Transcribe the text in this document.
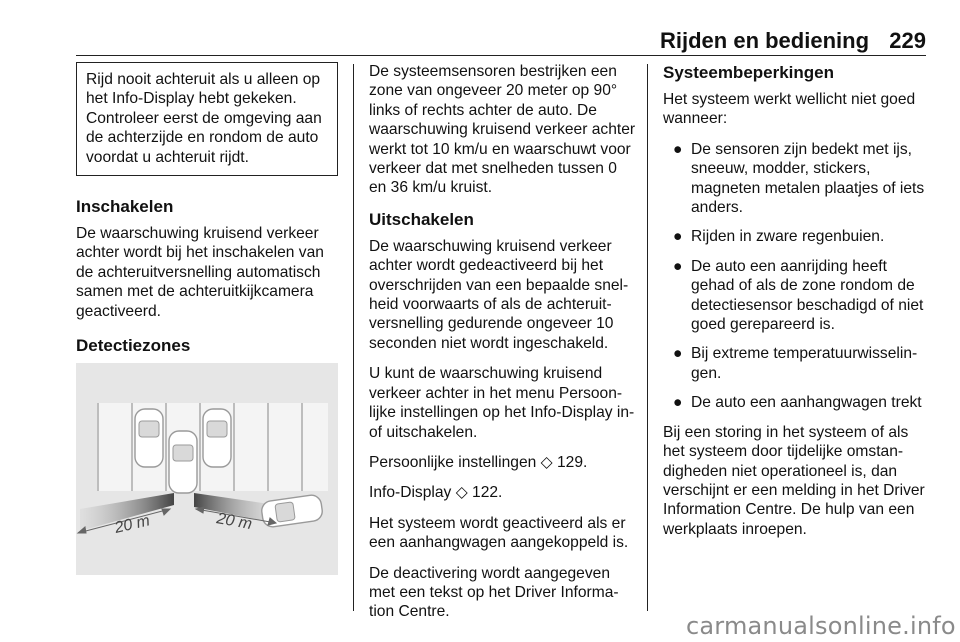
Rijden en bediening 229

Rijd nooit achteruit als u alleen op het Info-Display hebt gekeken. Controleer eerst de omgeving aan de achterzijde en rondom de auto voordat u achteruit rijdt.

Inschakelen

De waarschuwing kruisend verkeer achter wordt bij het inschakelen van de achteruitversnelling automatisch samen met de achteruitkijkcamera geactiveerd.

Detectiezones
20 m	20 m

De systeemsensoren bestrijken een zone van ongeveer 20 meter op 90° links of rechts achter de auto. De waarschuwing kruisend verkeer achter werkt tot 10 km/u en waarschuwt voor verkeer dat met snelheden tussen 0 en 36 km/u kruist.

Uitschakelen

De waarschuwing kruisend verkeer achter wordt gedeactiveerd bij het overschrijden van een bepaalde snelheid voorwaarts of als de achteruitversnelling gedurende ongeveer 10 seconden niet wordt ingeschakeld.

U kunt de waarschuwing kruisend verkeer achter in het menu Persoonlijke instellingen op het Info-Display in- of uitschakelen.

Persoonlijke instellingen ◇ 129.

Info-Display ◇ 122.

Het systeem wordt geactiveerd als er een aanhangwagen aangekoppeld is.

De deactivering wordt aangegeven met een tekst op het Driver Information Centre.

Systeembeperkingen

Het systeem werkt wellicht niet goed wanneer:

● De sensoren zijn bedekt met ijs, sneeuw, modder, stickers, magneten metalen plaatjes of iets anders.
● Rijden in zware regenbuien.
● De auto een aanrijding heeft gehad of als de zone rondom de detectiesensor beschadigd of niet goed gerepareerd is.
● Bij extreme temperatuurwisselingen.
● De auto een aanhangwagen trekt

Bij een storing in het systeem of als het systeem door tijdelijke omstandigheden niet operationeel is, dan verschijnt er een melding in het Driver Information Centre. De hulp van een werkplaats inroepen.

carmanualsonline.info
